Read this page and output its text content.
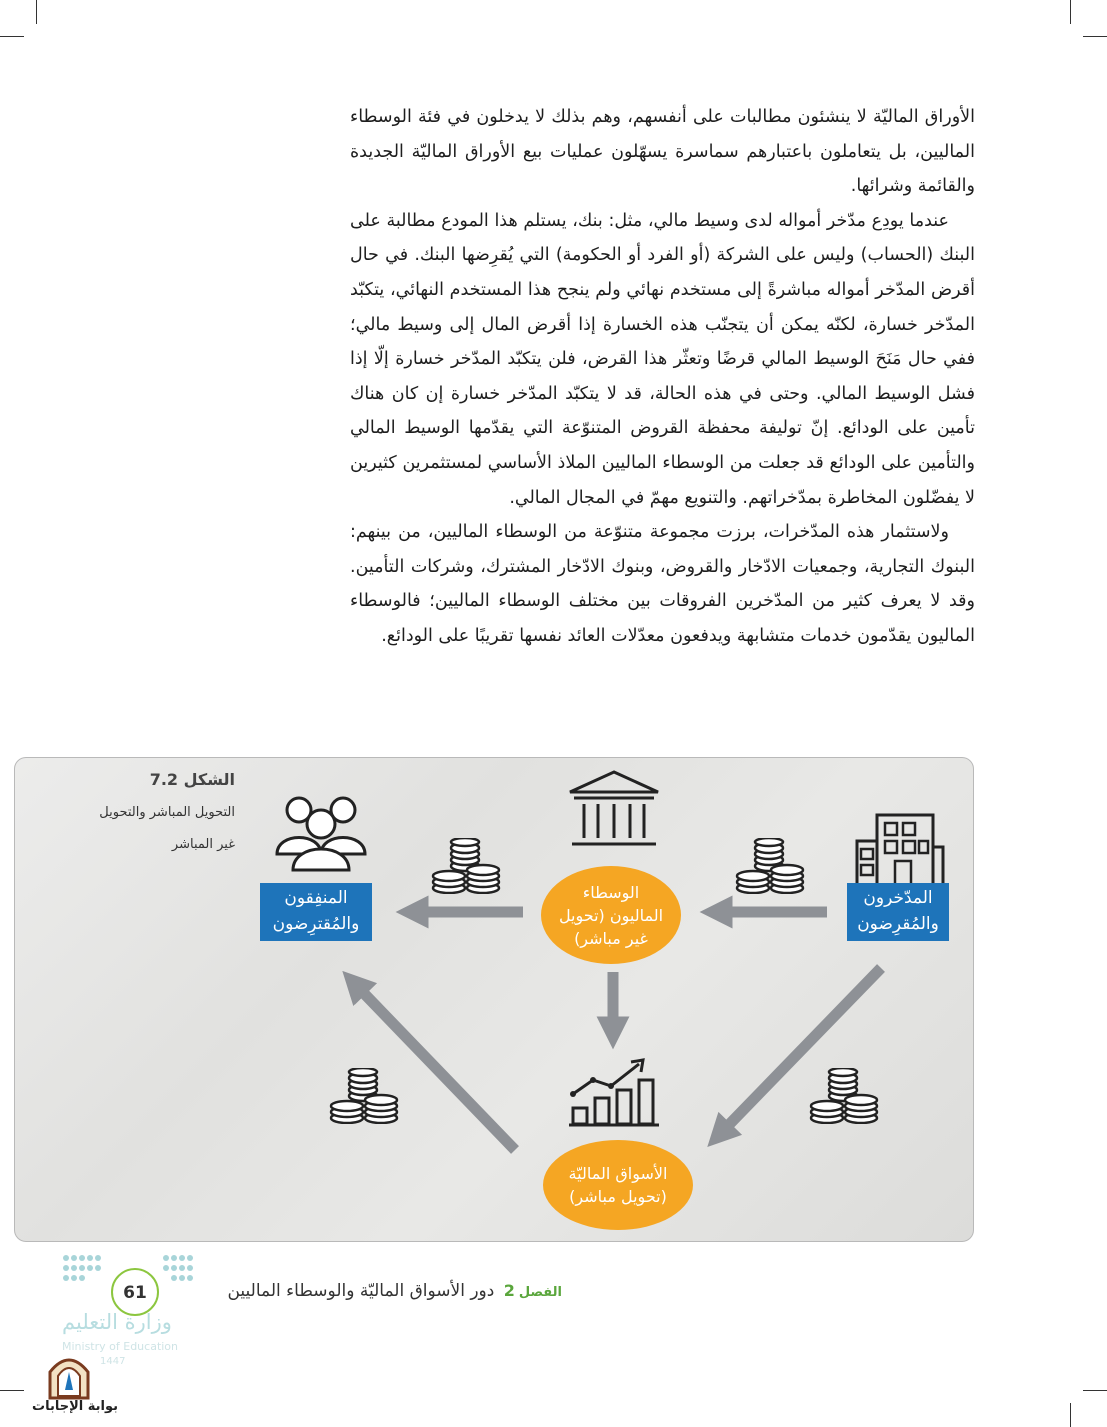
الأوراق الماليّة لا ينشئون مطالبات على أنفسهم، وهم بذلك لا يدخلون في فئة الوسطاء الماليين، بل يتعاملون باعتبارهم سماسرة يسهّلون عمليات بيع الأوراق الماليّة الجديدة والقائمة وشرائها.

عندما يودِع مدّخر أمواله لدى وسيط مالي، مثل: بنك، يستلم هذا المودع مطالبة على البنك (الحساب) وليس على الشركة (أو الفرد أو الحكومة) التي يُقرِضها البنك. في حال أقرض المدّخر أمواله مباشرةً إلى مستخدم نهائي ولم ينجح هذا المستخدم النهائي، يتكبّد المدّخر خسارة، لكنّه يمكن أن يتجنّب هذه الخسارة إذا أقرض المال إلى وسيط مالي؛ ففي حال مَنَحَ الوسيط المالي قرضًا وتعثّر هذا القرض، فلن يتكبّد المدّخر خسارة إلّا إذا فشل الوسيط المالي. وحتى في هذه الحالة، قد لا يتكبّد المدّخر خسارة إن كان هناك تأمين على الودائع. إنّ توليفة محفظة القروض المتنوّعة التي يقدّمها الوسيط المالي والتأمين على الودائع قد جعلت من الوسطاء الماليين الملاذ الأساسي لمستثمرين كثيرين لا يفضّلون المخاطرة بمدّخراتهم. والتنويع مهمّ في المجال المالي.

ولاستثمار هذه المدّخرات، برزت مجموعة متنوّعة من الوسطاء الماليين، من بينهم: البنوك التجارية، وجمعيات الادّخار والقروض، وبنوك الادّخار المشترك، وشركات التأمين. وقد لا يعرف كثير من المدّخرين الفروقات بين مختلف الوسطاء الماليين؛ فالوسطاء الماليون يقدّمون خدمات متشابهة ويدفعون معدّلات العائد نفسها تقريبًا على الودائع.

الشكل 7.2
التحويل المباشر والتحويل غير المباشر
المدّخرون والمُقرِضون
المنفِقون والمُقترِضون
الوسطاء الماليون (تحويل غير مباشر)
الأسواق الماليّة (تحويل مباشر)
الفصل2 دور الأسواق الماليّة والوسطاء الماليين
61
وزارة التعليم
Ministry of Education
1447
بوابة الإجابات
